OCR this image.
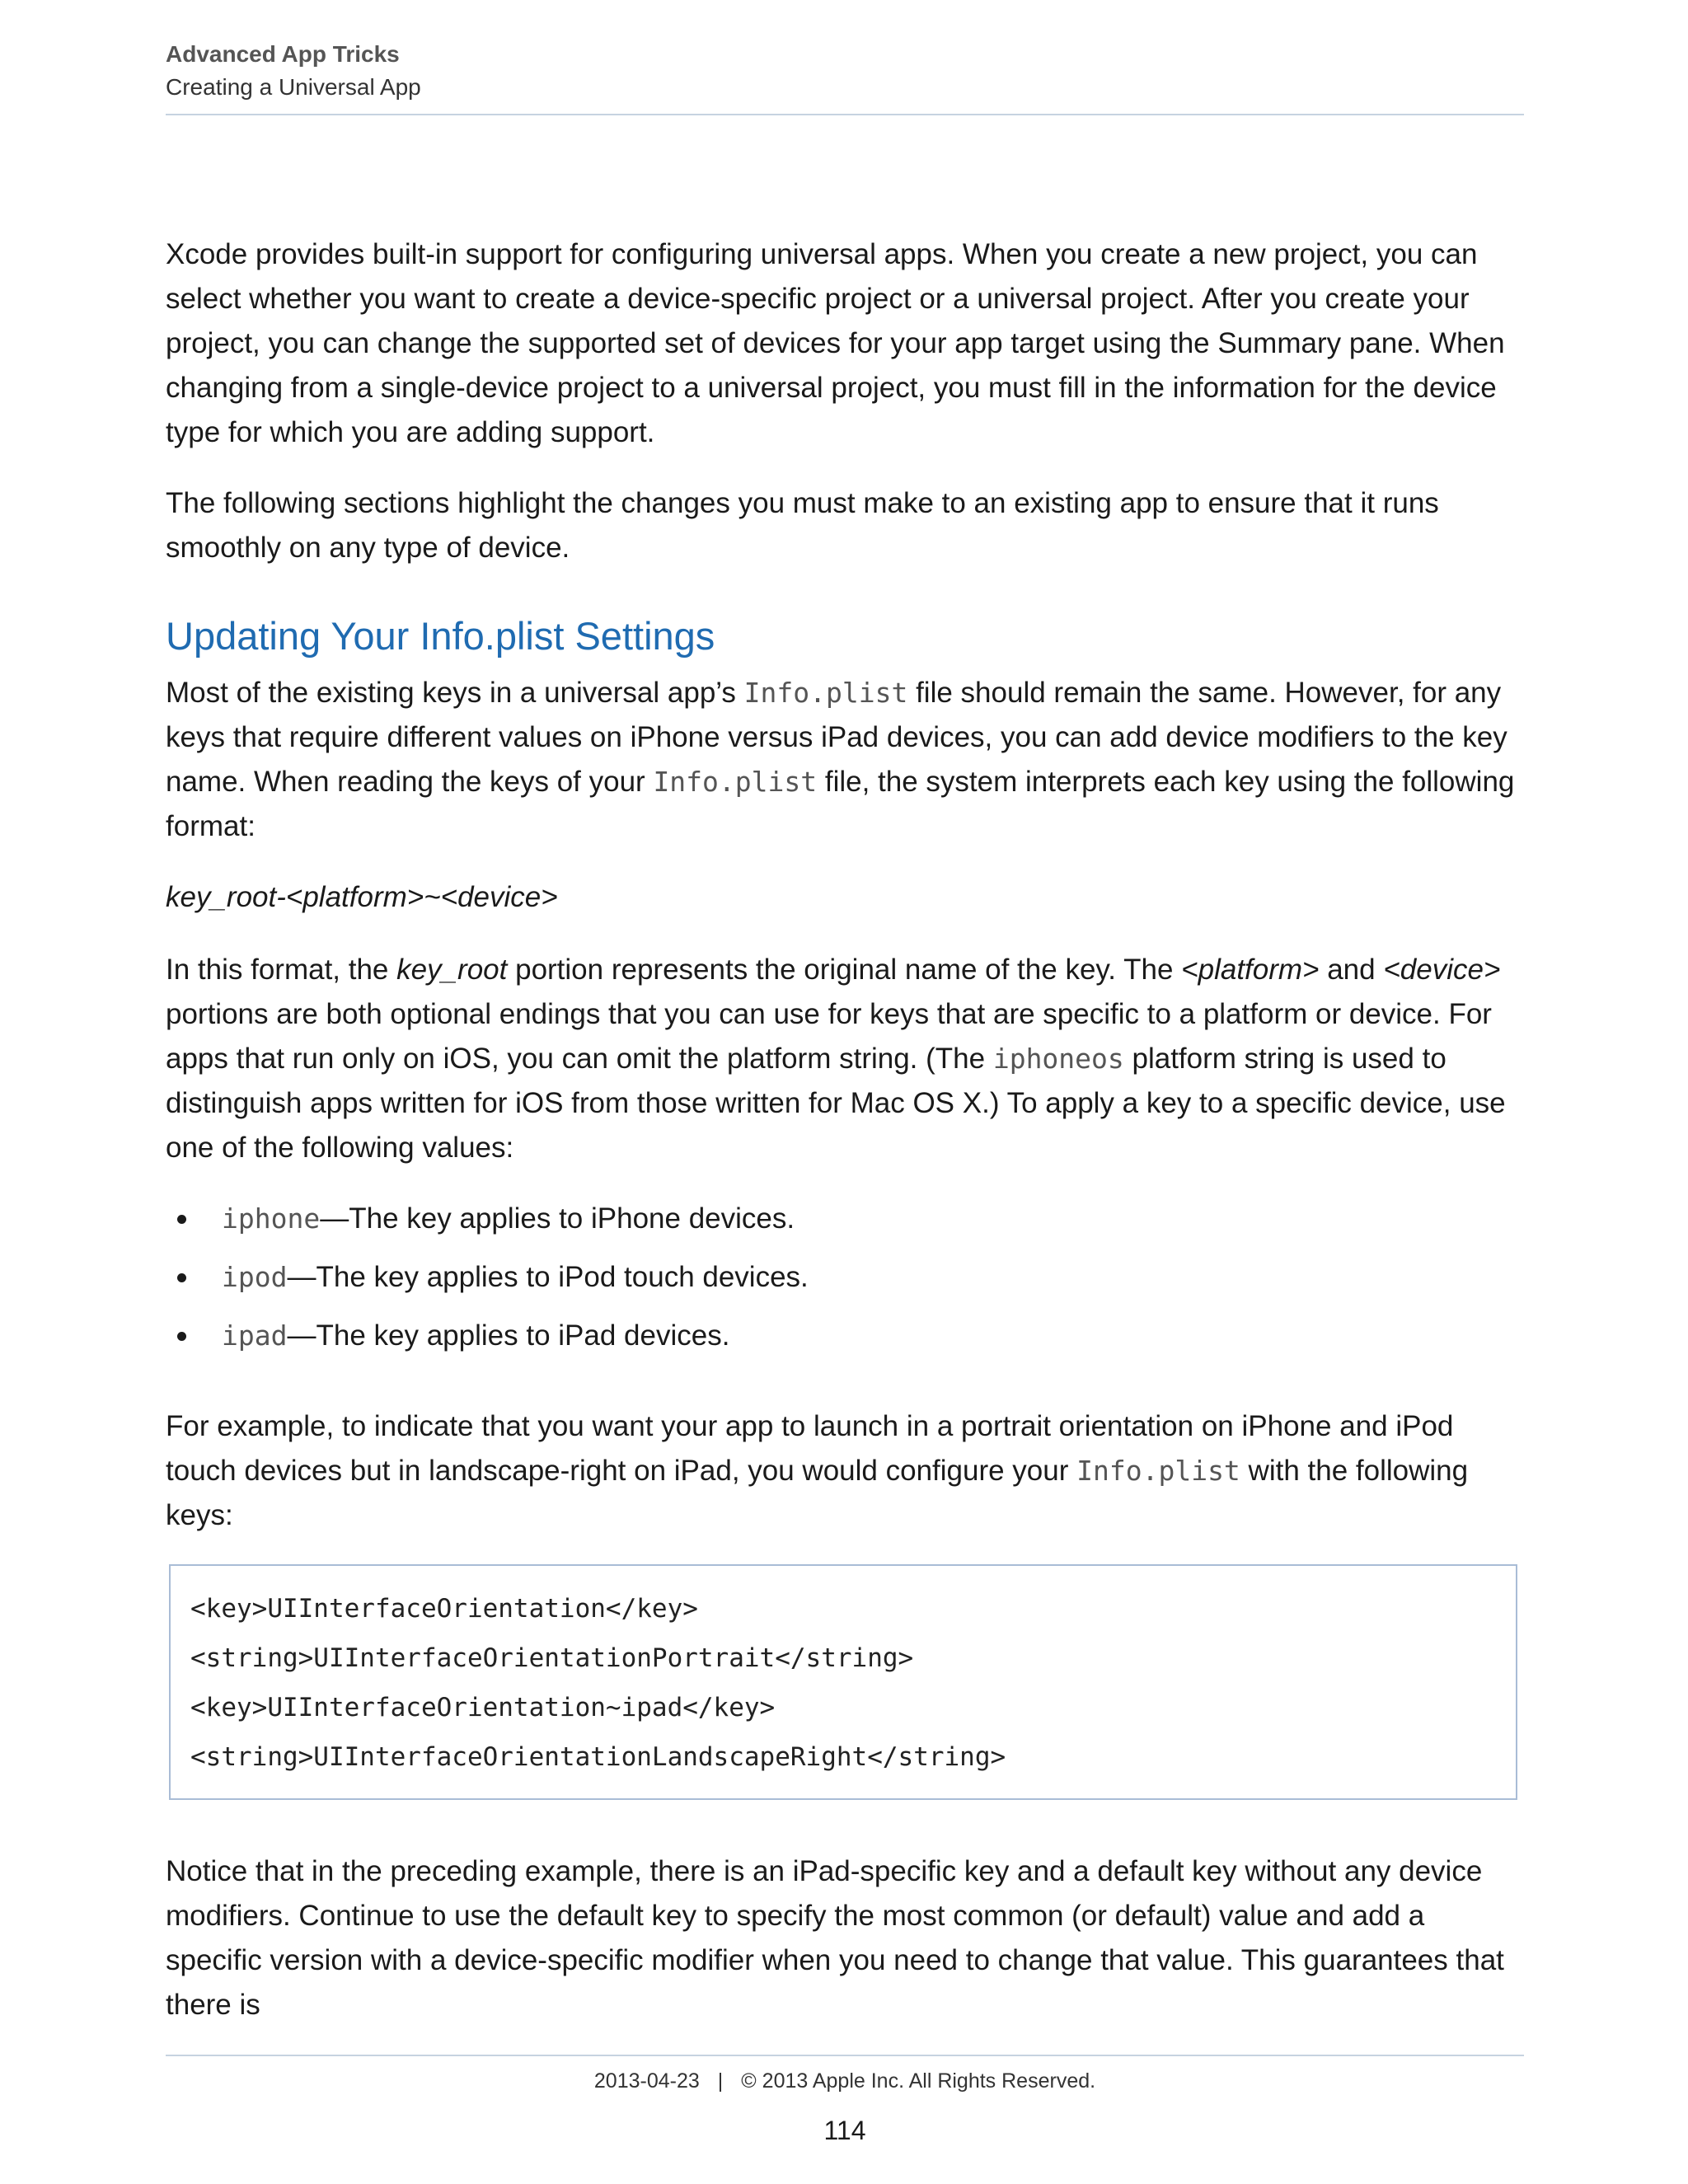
Advanced App Tricks
Creating a Universal App

Xcode provides built-in support for configuring universal apps. When you create a new project, you can select whether you want to create a device-specific project or a universal project. After you create your project, you can change the supported set of devices for your app target using the Summary pane. When changing from a single-device project to a universal project, you must fill in the information for the device type for which you are adding support.

The following sections highlight the changes you must make to an existing app to ensure that it runs smoothly on any type of device.

Updating Your Info.plist Settings

Most of the existing keys in a universal app’s Info.plist file should remain the same. However, for any keys that require different values on iPhone versus iPad devices, you can add device modifiers to the key name. When reading the keys of your Info.plist file, the system interprets each key using the following format:

key_root-<platform>~<device>

In this format, the key_root portion represents the original name of the key. The <platform> and <device> portions are both optional endings that you can use for keys that are specific to a platform or device. For apps that run only on iOS, you can omit the platform string. (The iphoneos platform string is used to distinguish apps written for iOS from those written for Mac OS X.) To apply a key to a specific device, use one of the following values:

iphone—The key applies to iPhone devices.
ipod—The key applies to iPod touch devices.
ipad—The key applies to iPad devices.

For example, to indicate that you want your app to launch in a portrait orientation on iPhone and iPod touch devices but in landscape-right on iPad, you would configure your Info.plist with the following keys:

<key>UIInterfaceOrientation</key>
<string>UIInterfaceOrientationPortrait</string>
<key>UIInterfaceOrientation~ipad</key>
<string>UIInterfaceOrientationLandscapeRight</string>

Notice that in the preceding example, there is an iPad-specific key and a default key without any device modifiers. Continue to use the default key to specify the most common (or default) value and add a specific version with a device-specific modifier when you need to change that value. This guarantees that there is

2013-04-23 | © 2013 Apple Inc. All Rights Reserved.
114
